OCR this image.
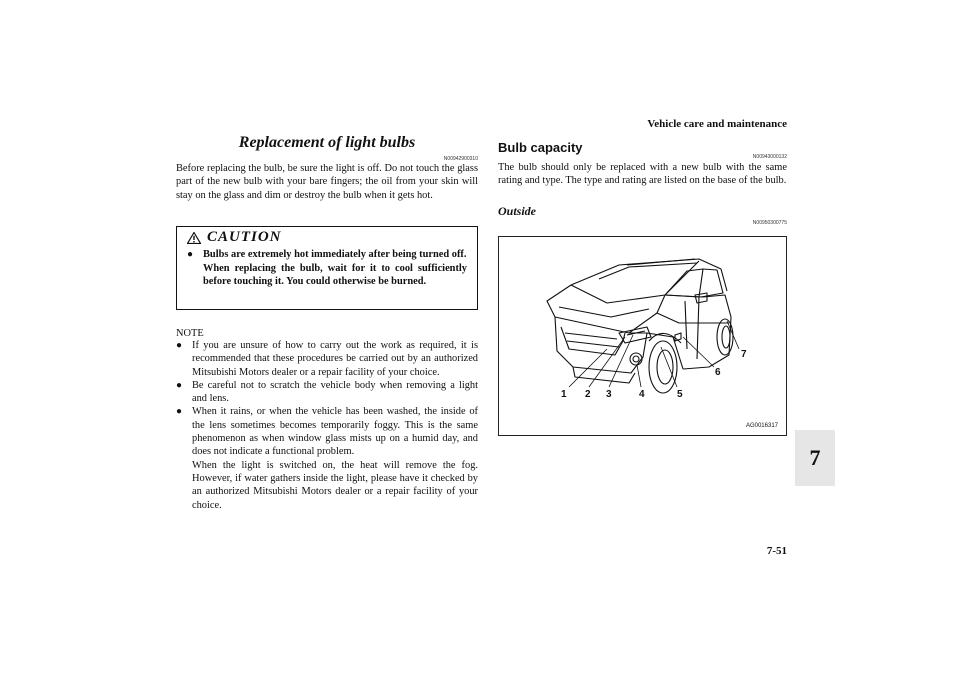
Vehicle care and maintenance
7
7-51
Replacement of light bulbs
N00942900310
Before replacing the bulb, be sure the light is off. Do not touch the glass part of the new bulb with your bare fingers; the oil from your skin will stay on the glass and dim or destroy the bulb when it gets hot.
CAUTION
● Bulbs are extremely hot immediately after being turned off.
When replacing the bulb, wait for it to cool sufficiently before touching it. You could otherwise be burned.
NOTE
● If you are unsure of how to carry out the work as required, it is recommended that these procedures be carried out by an authorized Mitsubishi Motors dealer or a repair facility of your choice.
● Be careful not to scratch the vehicle body when removing a light and lens.
● When it rains, or when the vehicle has been washed, the inside of the lens sometimes becomes temporarily foggy. This is the same phenomenon as when window glass mists up on a humid day, and does not indicate a functional problem.
When the light is switched on, the heat will remove the fog. However, if water gathers inside the light, please have it checked by an authorized Mitsubishi Motors dealer or a repair facility of your choice.
Bulb capacity
N00943000132
The bulb should only be replaced with a new bulb with the same rating and type. The type and rating are listed on the base of the bulb.
Outside
N00950300775
1 2 3	4	5
6
7
AG0016317
